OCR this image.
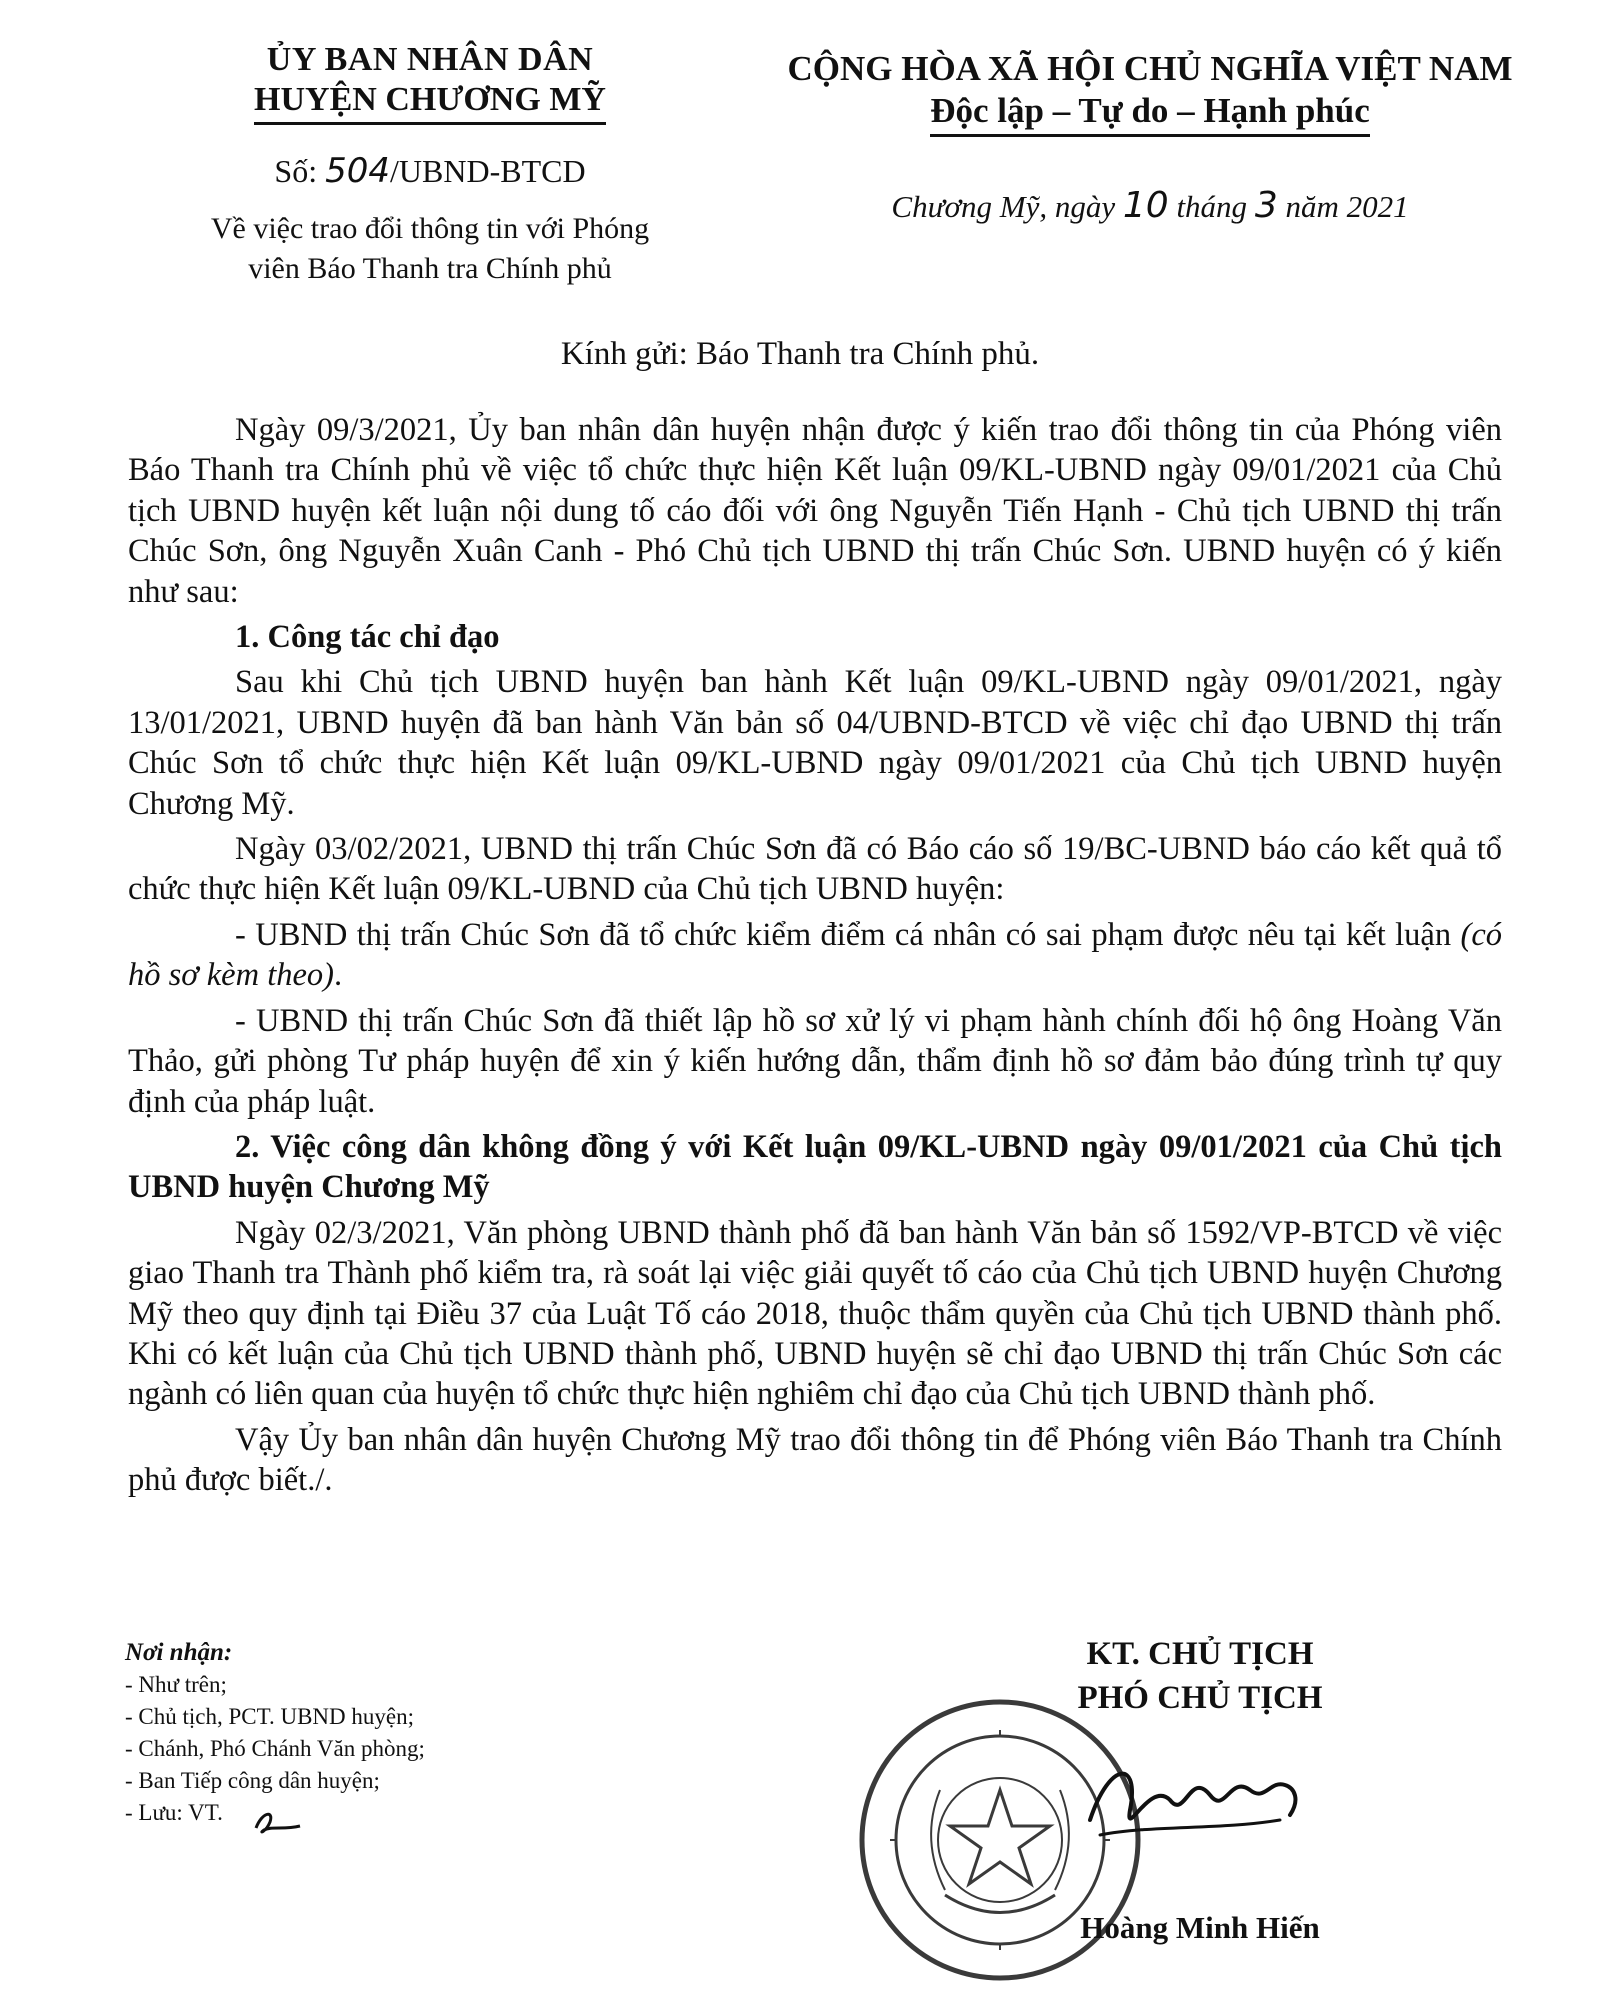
ỦY BAN NHÂN DÂN
HUYỆN CHƯƠNG MỸ
Số: 504/UBND-BTCD
Về việc trao đổi thông tin với Phóng
viên Báo Thanh tra Chính phủ
CỘNG HÒA XÃ HỘI CHỦ NGHĨA VIỆT NAM
Độc lập – Tự do – Hạnh phúc
Chương Mỹ, ngày 10 tháng 3 năm 2021
Kính gửi: Báo Thanh tra Chính phủ.

Ngày 09/3/2021, Ủy ban nhân dân huyện nhận được ý kiến trao đổi thông tin của Phóng viên Báo Thanh tra Chính phủ về việc tổ chức thực hiện Kết luận 09/KL-UBND ngày 09/01/2021 của Chủ tịch UBND huyện kết luận nội dung tố cáo đối với ông Nguyễn Tiến Hạnh - Chủ tịch UBND thị trấn Chúc Sơn, ông Nguyễn Xuân Canh - Phó Chủ tịch UBND thị trấn Chúc Sơn. UBND huyện có ý kiến như sau:

1. Công tác chỉ đạo

Sau khi Chủ tịch UBND huyện ban hành Kết luận 09/KL-UBND ngày 09/01/2021, ngày 13/01/2021, UBND huyện đã ban hành Văn bản số 04/UBND-BTCD về việc chỉ đạo UBND thị trấn Chúc Sơn tổ chức thực hiện Kết luận 09/KL-UBND ngày 09/01/2021 của Chủ tịch UBND huyện Chương Mỹ.

Ngày 03/02/2021, UBND thị trấn Chúc Sơn đã có Báo cáo số 19/BC-UBND báo cáo kết quả tổ chức thực hiện Kết luận 09/KL-UBND của Chủ tịch UBND huyện:

- UBND thị trấn Chúc Sơn đã tổ chức kiểm điểm cá nhân có sai phạm được nêu tại kết luận (có hồ sơ kèm theo).

- UBND thị trấn Chúc Sơn đã thiết lập hồ sơ xử lý vi phạm hành chính đối hộ ông Hoàng Văn Thảo, gửi phòng Tư pháp huyện để xin ý kiến hướng dẫn, thẩm định hồ sơ đảm bảo đúng trình tự quy định của pháp luật.

2. Việc công dân không đồng ý với Kết luận 09/KL-UBND ngày 09/01/2021 của Chủ tịch UBND huyện Chương Mỹ

Ngày 02/3/2021, Văn phòng UBND thành phố đã ban hành Văn bản số 1592/VP-BTCD về việc giao Thanh tra Thành phố kiểm tra, rà soát lại việc giải quyết tố cáo của Chủ tịch UBND huyện Chương Mỹ theo quy định tại Điều 37 của Luật Tố cáo 2018, thuộc thẩm quyền của Chủ tịch UBND thành phố. Khi có kết luận của Chủ tịch UBND thành phố, UBND huyện sẽ chỉ đạo UBND thị trấn Chúc Sơn các ngành có liên quan của huyện tổ chức thực hiện nghiêm chỉ đạo của Chủ tịch UBND thành phố.

Vậy Ủy ban nhân dân huyện Chương Mỹ trao đổi thông tin để Phóng viên Báo Thanh tra Chính phủ được biết./.

Nơi nhận:
- Như trên;
- Chủ tịch, PCT. UBND huyện;
- Chánh, Phó Chánh Văn phòng;
- Ban Tiếp công dân huyện;
- Lưu: VT.
KT. CHỦ TỊCH
PHÓ CHỦ TỊCH
Hoàng Minh Hiến
